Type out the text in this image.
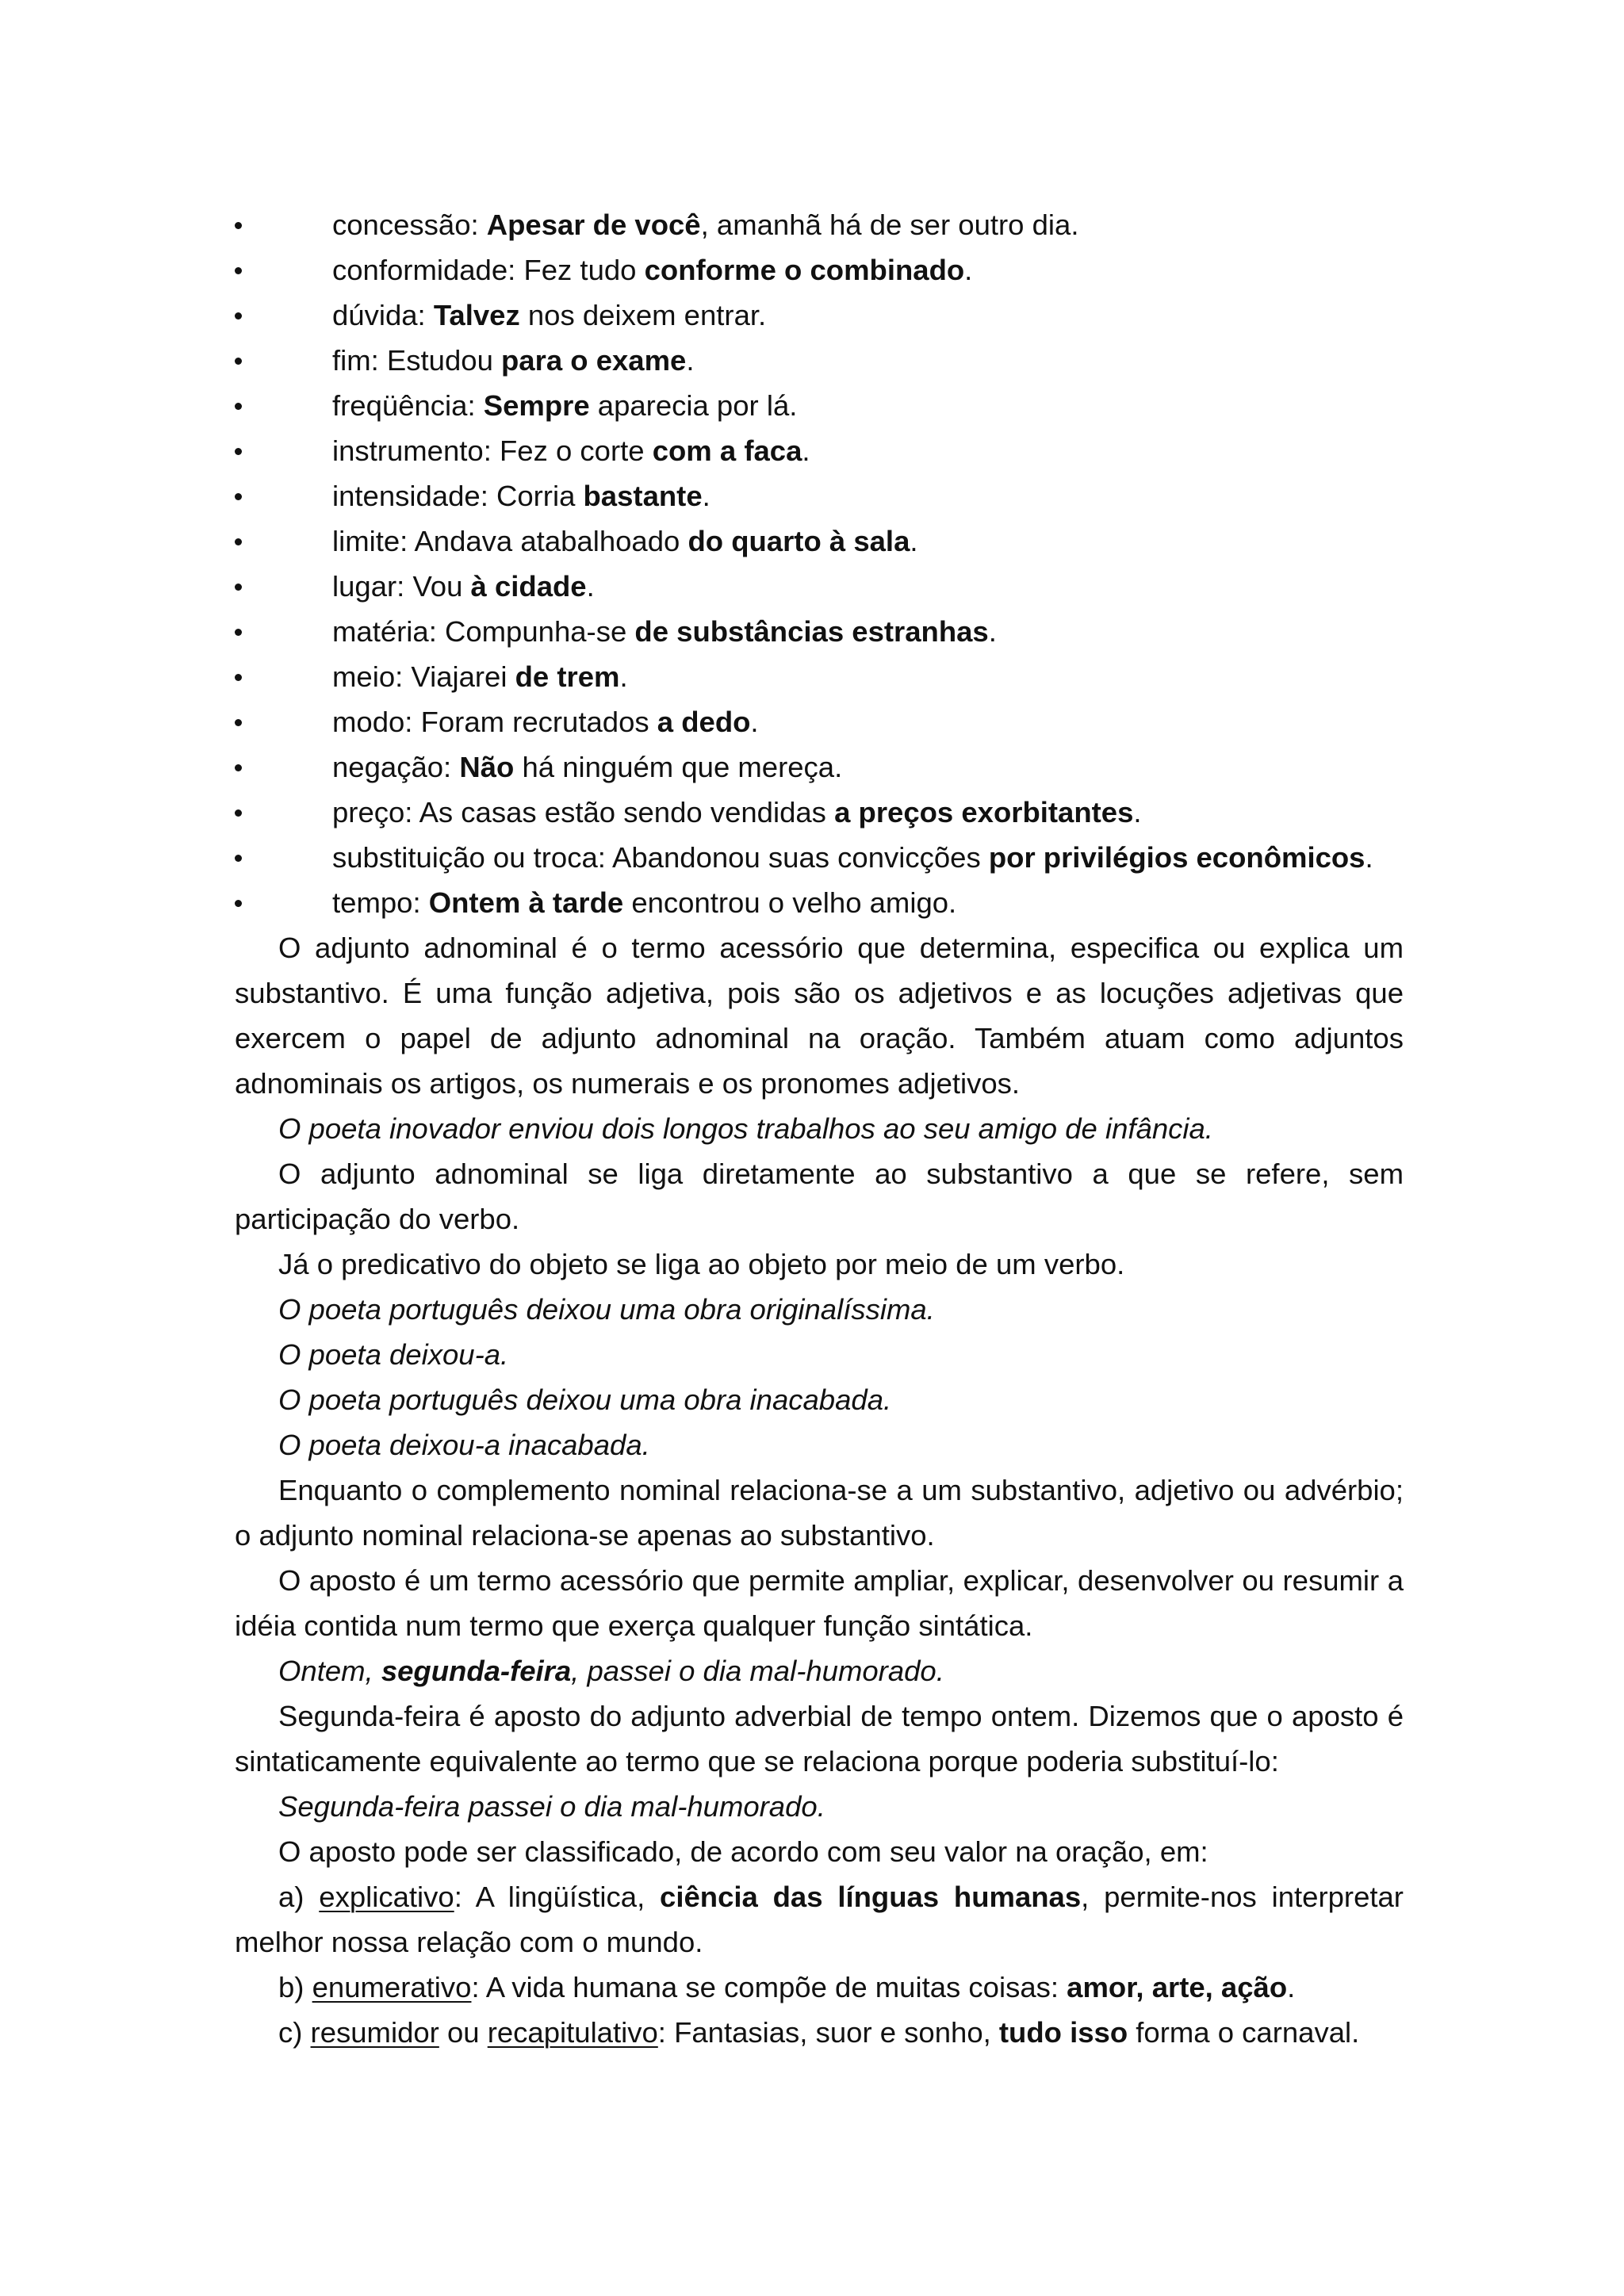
concessão: Apesar de você, amanhã há de ser outro dia.
conformidade: Fez tudo conforme o combinado.
dúvida: Talvez nos deixem entrar.
fim: Estudou para o exame.
freqüência: Sempre aparecia por lá.
instrumento: Fez o corte com a faca.
intensidade: Corria bastante.
limite: Andava atabalhoado do quarto à sala.
lugar: Vou à cidade.
matéria: Compunha-se de substâncias estranhas.
meio: Viajarei de trem.
modo: Foram recrutados a dedo.
negação: Não há ninguém que mereça.
preço: As casas estão sendo vendidas a preços exorbitantes.
substituição ou troca: Abandonou suas convicções por privilégios econômicos.
tempo: Ontem à tarde encontrou o velho amigo.

O adjunto adnominal é o termo acessório que determina, especifica ou explica um substantivo. É uma função adjetiva, pois são os adjetivos e as locuções adjetivas que exercem o papel de adjunto adnominal na oração. Também atuam como adjuntos adnominais os artigos, os numerais e os pronomes adjetivos.

O poeta inovador enviou dois longos trabalhos ao seu amigo de infância.

O adjunto adnominal se liga diretamente ao substantivo a que se refere, sem participação do verbo.

Já o predicativo do objeto se liga ao objeto por meio de um verbo.

O poeta português deixou uma obra originalíssima.

O poeta deixou-a.

O poeta português deixou uma obra inacabada.

O poeta deixou-a inacabada.

Enquanto o complemento nominal relaciona-se a um substantivo, adjetivo ou advérbio; o adjunto nominal relaciona-se apenas ao substantivo.

O aposto é um termo acessório que permite ampliar, explicar, desenvolver ou resumir a idéia contida num termo que exerça qualquer função sintática.

Ontem, segunda-feira, passei o dia mal-humorado.

Segunda-feira é aposto do adjunto adverbial de tempo ontem. Dizemos que o aposto é sintaticamente equivalente ao termo que se relaciona porque poderia substituí-lo:

Segunda-feira passei o dia mal-humorado.

O aposto pode ser classificado, de acordo com seu valor na oração, em:

a) explicativo: A lingüística, ciência das línguas humanas, permite-nos interpretar melhor nossa relação com o mundo.

b) enumerativo: A vida humana se compõe de muitas coisas: amor, arte, ação.

c) resumidor ou recapitulativo: Fantasias, suor e sonho, tudo isso forma o carnaval.
